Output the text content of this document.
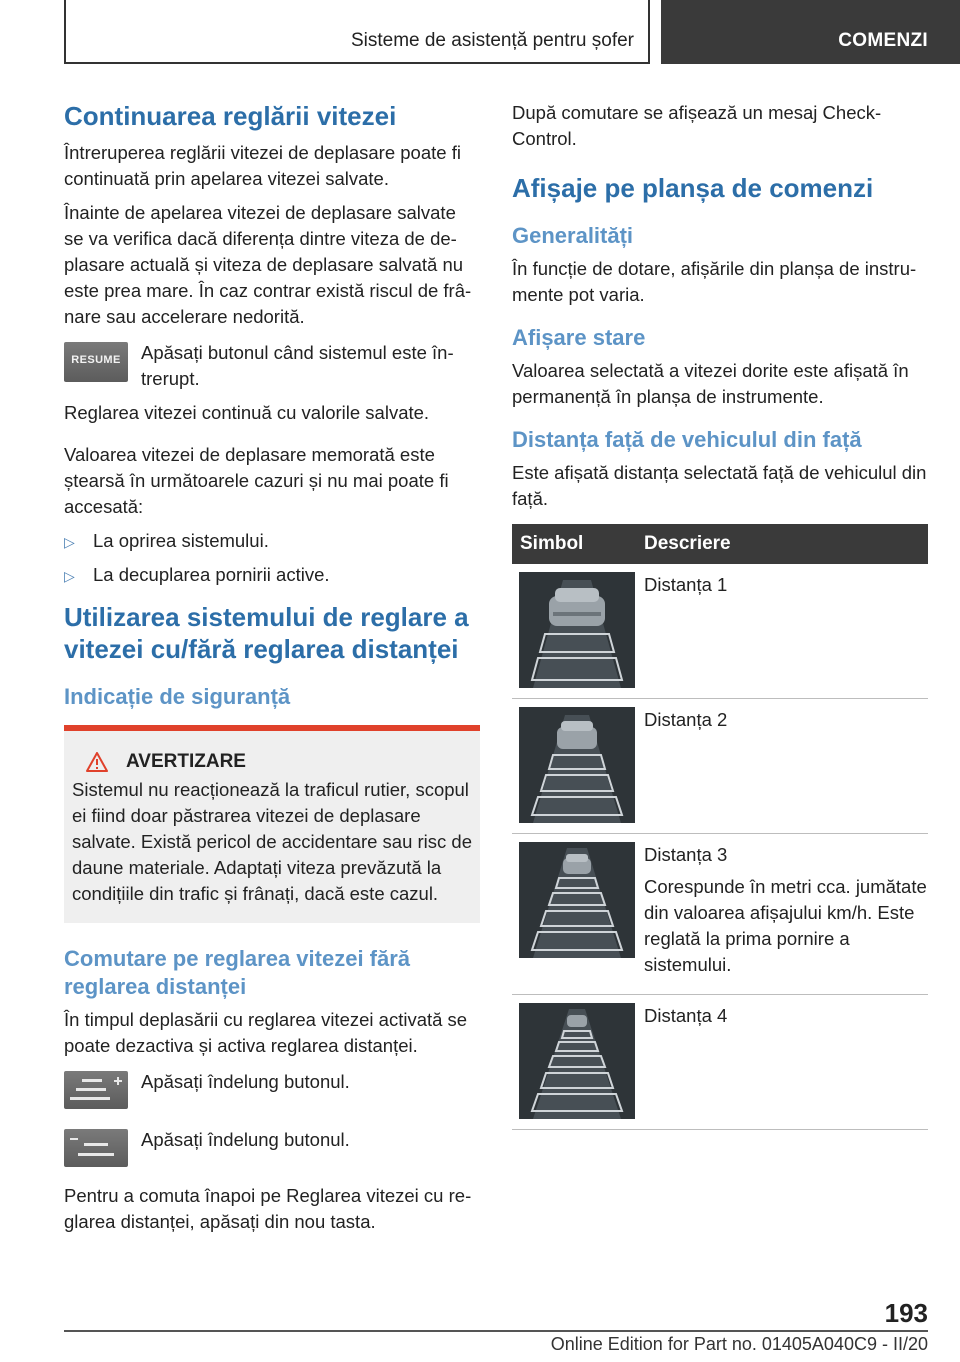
Sisteme de asistență pentru șofer	COMENZI
Continuarea reglării vitezei

Întreruperea reglării vitezei de deplasare poate fi continuată prin apelarea vitezei salvate.

Înainte de apelarea vitezei de deplasare salvate se va verifica dacă diferența dintre viteza de deplasare actuală și viteza de deplasare salvată nu este prea mare. În caz contrar există riscul de frânare sau accelerare nedorită.

RESUME	Apăsați butonul când sistemul este întrerupt.

Reglarea vitezei continuă cu valorile salvate.

Valoarea vitezei de deplasare memorată este ștearsă în următoarele cazuri și nu mai poate fi accesată:

▷ La oprirea sistemului.
▷ La decuplarea pornirii active.
Utilizarea sistemului de reglare a vitezei cu/fără reglarea distanței
Indicație de siguranță
AVERTIZARE

Sistemul nu reacționează la traficul rutier, scopul ei fiind doar păstrarea vitezei de deplasare salvate. Există pericol de accidentare sau risc de daune materiale. Adaptați viteza prevăzută la condițiile din trafic și frânați, dacă este cazul.

Comutare pe reglarea vitezei fără reglarea distanței

În timpul deplasării cu reglarea vitezei activată se poate dezactiva și activa reglarea distanței.

Apăsați îndelung butonul.
Apăsați îndelung butonul.

Pentru a comuta înapoi pe Reglarea vitezei cu reglarea distanței, apăsați din nou tasta.

După comutare se afișează un mesaj Check-Control.

Afișaje pe planșa de comenzi
Generalități

În funcție de dotare, afișările din planșa de instrumente pot varia.

Afișare stare

Valoarea selectată a vitezei dorite este afișată în permanență în planșa de instrumente.

Distanța față de vehiculul din față

Este afișată distanța selectată față de vehiculul din față.

Simbol	Descriere

Distanța 1

Distanța 2

Distanța 3

Corespunde în metri cca. jumătate din valoarea afișajului km/h. Este reglată la prima pornire a sistemului.

Distanța 4

193
Online Edition for Part no. 01405A040C9 - II/20
